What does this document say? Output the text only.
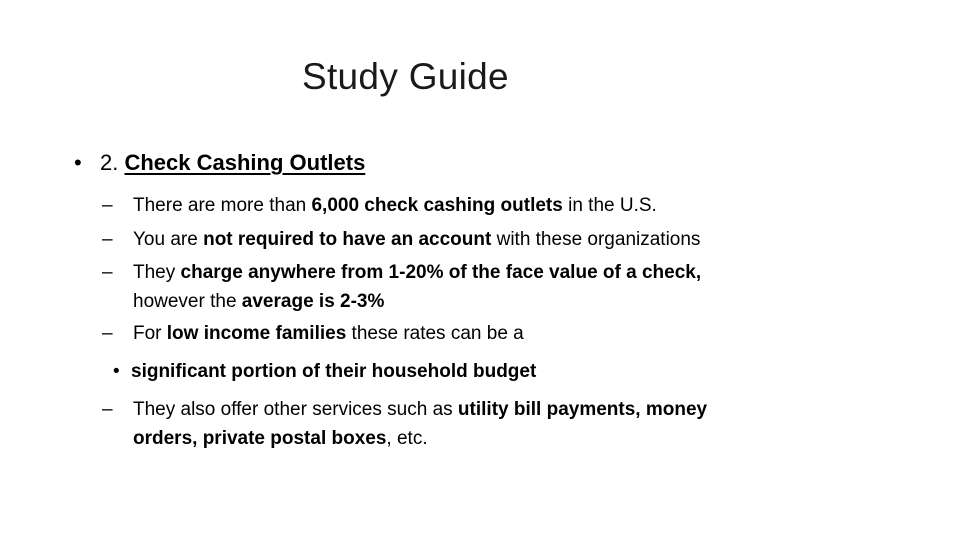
Study Guide
• 2. Check Cashing Outlets
– There are more than 6,000 check cashing outlets in the U.S.
– You are not required to have an account with these organizations
– They charge anywhere from 1-20% of the face value of a check,
however the average is 2-3%
– For low income families these rates can be a
• significant portion of their household budget
– They also offer other services such as utility bill payments, money
orders, private postal boxes, etc.
